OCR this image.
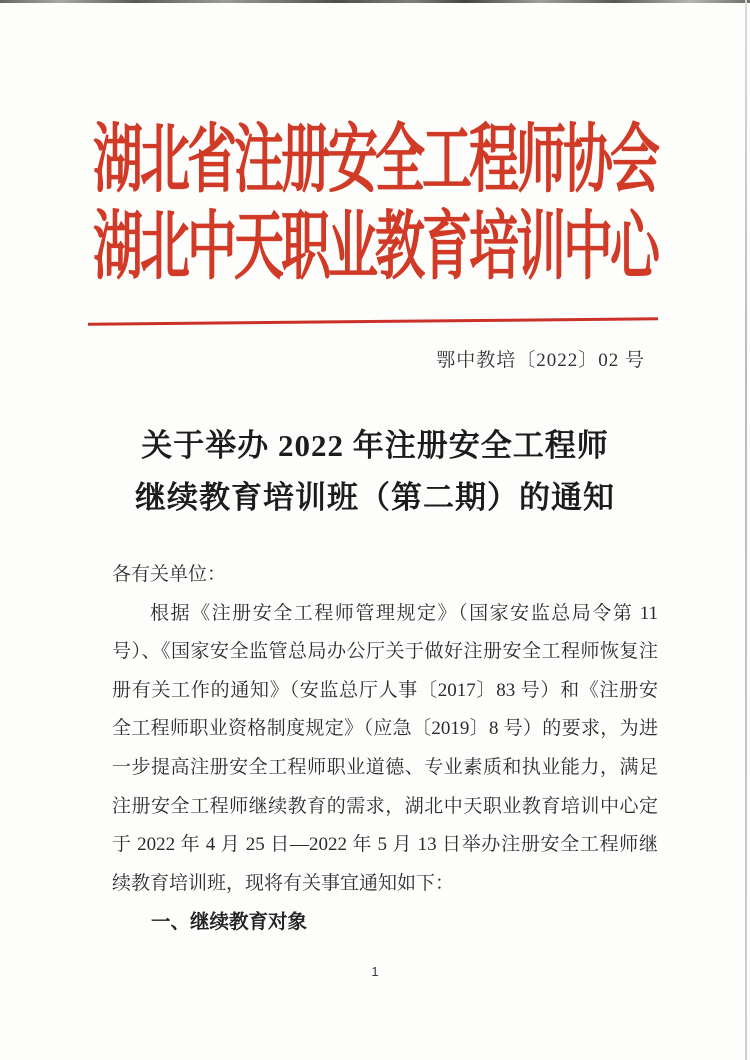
湖北省注册安全工程师协会
湖北中天职业教育培训中心
鄂中教培〔2022〕02 号
关于举办 2022 年注册安全工程师
继续教育培训班（第二期）的通知

各有关单位：

根据《注册安全工程师管理规定》（国家安监总局令第 11 号）、《国家安全监管总局办公厅关于做好注册安全工程师恢复注册有关工作的通知》（安监总厅人事〔2017〕83 号）和《注册安全工程师职业资格制度规定》（应急〔2019〕8 号）的要求，为进一步提高注册安全工程师职业道德、专业素质和执业能力，满足注册安全工程师继续教育的需求，湖北中天职业教育培训中心定于 2022 年 4 月 25 日—2022 年 5 月 13 日举办注册安全工程师继续教育培训班，现将有关事宜通知如下：

一、继续教育对象

1
